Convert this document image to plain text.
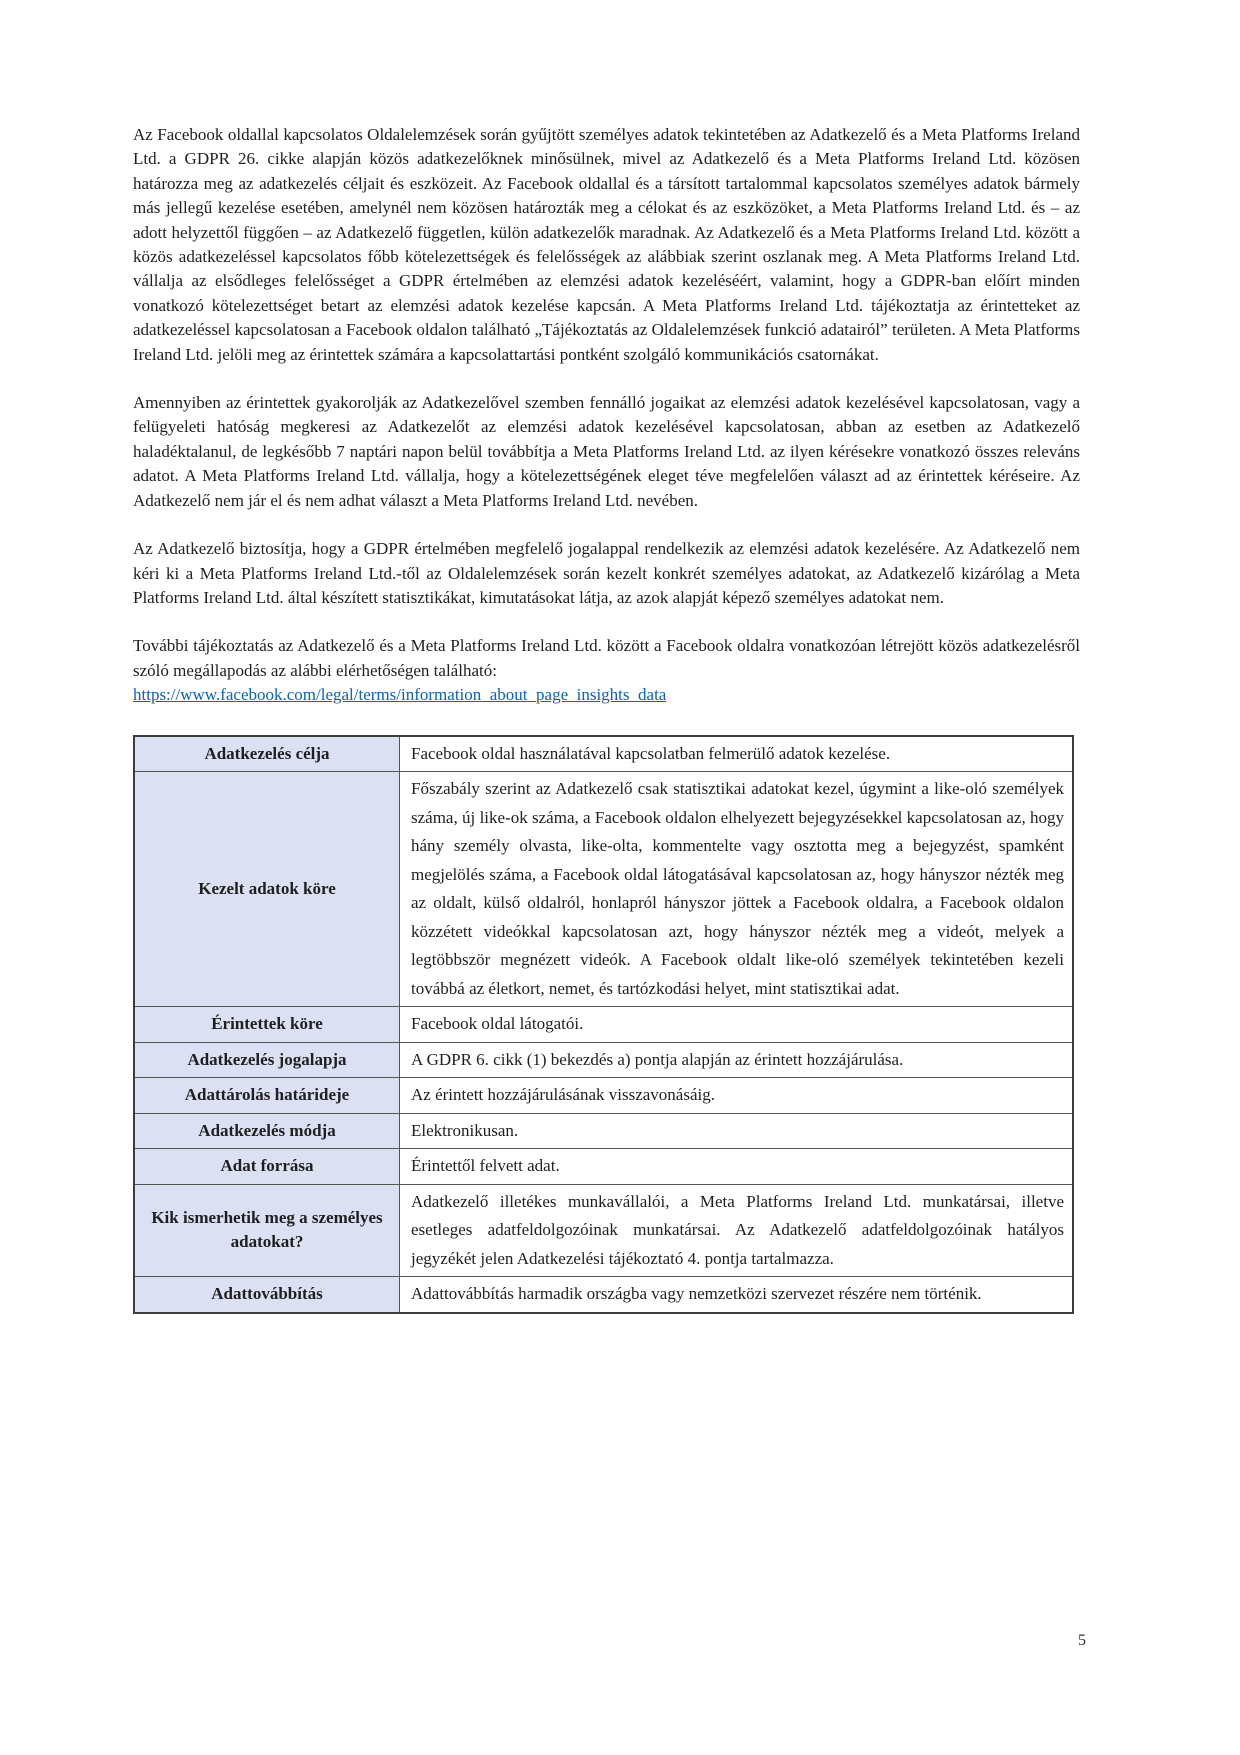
Az Facebook oldallal kapcsolatos Oldalelemzések során gyűjtött személyes adatok tekintetében az Adatkezelő és a Meta Platforms Ireland Ltd. a GDPR 26. cikke alapján közös adatkezelőknek minősülnek, mivel az Adatkezelő és a Meta Platforms Ireland Ltd. közösen határozza meg az adatkezelés céljait és eszközeit. Az Facebook oldallal és a társított tartalommal kapcsolatos személyes adatok bármely más jellegű kezelése esetében, amelynél nem közösen határozták meg a célokat és az eszközöket, a Meta Platforms Ireland Ltd. és – az adott helyzettől függően – az Adatkezelő független, külön adatkezelők maradnak. Az Adatkezelő és a Meta Platforms Ireland Ltd. között a közös adatkezeléssel kapcsolatos főbb kötelezettségek és felelősségek az alábbiak szerint oszlanak meg. A Meta Platforms Ireland Ltd. vállalja az elsődleges felelősséget a GDPR értelmében az elemzési adatok kezeléséért, valamint, hogy a GDPR-ban előírt minden vonatkozó kötelezettséget betart az elemzési adatok kezelése kapcsán. A Meta Platforms Ireland Ltd. tájékoztatja az érintetteket az adatkezeléssel kapcsolatosan a Facebook oldalon található „Tájékoztatás az Oldalelemzések funkció adatairól” területen. A Meta Platforms Ireland Ltd. jelöli meg az érintettek számára a kapcsolattartási pontként szolgáló kommunikációs csatornákat.

Amennyiben az érintettek gyakorolják az Adatkezelővel szemben fennálló jogaikat az elemzési adatok kezelésével kapcsolatosan, vagy a felügyeleti hatóság megkeresi az Adatkezelőt az elemzési adatok kezelésével kapcsolatosan, abban az esetben az Adatkezelő haladéktalanul, de legkésőbb 7 naptári napon belül továbbítja a Meta Platforms Ireland Ltd. az ilyen kérésekre vonatkozó összes releváns adatot. A Meta Platforms Ireland Ltd. vállalja, hogy a kötelezettségének eleget téve megfelelően választ ad az érintettek kéréseire. Az Adatkezelő nem jár el és nem adhat választ a Meta Platforms Ireland Ltd. nevében.

Az Adatkezelő biztosítja, hogy a GDPR értelmében megfelelő jogalappal rendelkezik az elemzési adatok kezelésére. Az Adatkezelő nem kéri ki a Meta Platforms Ireland Ltd.-től az Oldalelemzések során kezelt konkrét személyes adatokat, az Adatkezelő kizárólag a Meta Platforms Ireland Ltd. által készített statisztikákat, kimutatásokat látja, az azok alapját képező személyes adatokat nem.

További tájékoztatás az Adatkezelő és a Meta Platforms Ireland Ltd. között a Facebook oldalra vonatkozóan létrejött közös adatkezelésről szóló megállapodás az alábbi elérhetőségen található:

https://www.facebook.com/legal/terms/information_about_page_insights_data
Adatkezelés célja	Facebook oldal használatával kapcsolatban felmerülő adatok kezelése.
Kezelt adatok köre	Főszabály szerint az Adatkezelő csak statisztikai adatokat kezel, úgymint a like-oló személyek száma, új like-ok száma, a Facebook oldalon elhelyezett bejegyzésekkel kapcsolatosan az, hogy hány személy olvasta, like-olta, kommentelte vagy osztotta meg a bejegyzést, spamként megjelölés száma, a Facebook oldal látogatásával kapcsolatosan az, hogy hányszor nézték meg az oldalt, külső oldalról, honlapról hányszor jöttek a Facebook oldalra, a Facebook oldalon közzétett videókkal kapcsolatosan azt, hogy hányszor nézték meg a videót, melyek a legtöbbször megnézett videók. A Facebook oldalt like-oló személyek tekintetében kezeli továbbá az életkort, nemet, és tartózkodási helyet, mint statisztikai adat.
Érintettek köre	Facebook oldal látogatói.
Adatkezelés jogalapja	A GDPR 6. cikk (1) bekezdés a) pontja alapján az érintett hozzájárulása.
Adattárolás határideje	Az érintett hozzájárulásának visszavonásáig.
Adatkezelés módja	Elektronikusan.
Adat forrása	Érintettől felvett adat.
Kik ismerhetik meg a személyes adatokat?	Adatkezelő illetékes munkavállalói, a Meta Platforms Ireland Ltd. munkatársai, illetve esetleges adatfeldolgozóinak munkatársai. Az Adatkezelő adatfeldolgozóinak hatályos jegyzékét jelen Adatkezelési tájékoztató 4. pontja tartalmazza.
Adattovábbítás	Adattovábbítás harmadik országba vagy nemzetközi szervezet részére nem történik.
5
